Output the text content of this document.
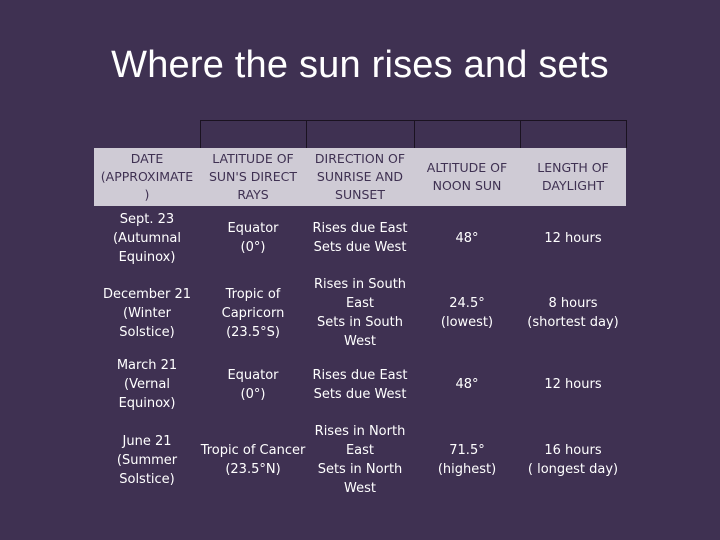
Where the sun rises and sets

DATE
(APPROXIMATE
)	LATITUDE OF
SUN'S DIRECT
RAYS	DIRECTION OF
SUNRISE AND
SUNSET	ALTITUDE OF
NOON SUN	LENGTH OF
DAYLIGHT

Sept. 23
(Autumnal
Equinox)	Equator
(0°)	Rises due East
Sets due West	48°	12 hours

December 21
(Winter
Solstice)	Tropic of
Capricorn
(23.5°S)	Rises in South
East
Sets in South
West	24.5°
(lowest)	8 hours
(shortest day)

March 21
(Vernal
Equinox)	Equator
(0°)	Rises due East
Sets due West	48°	12 hours

June 21
(Summer
Solstice)	Tropic of Cancer
(23.5°N)	Rises in North
East
Sets in North
West	71.5°
(highest)	16 hours
( longest day)
